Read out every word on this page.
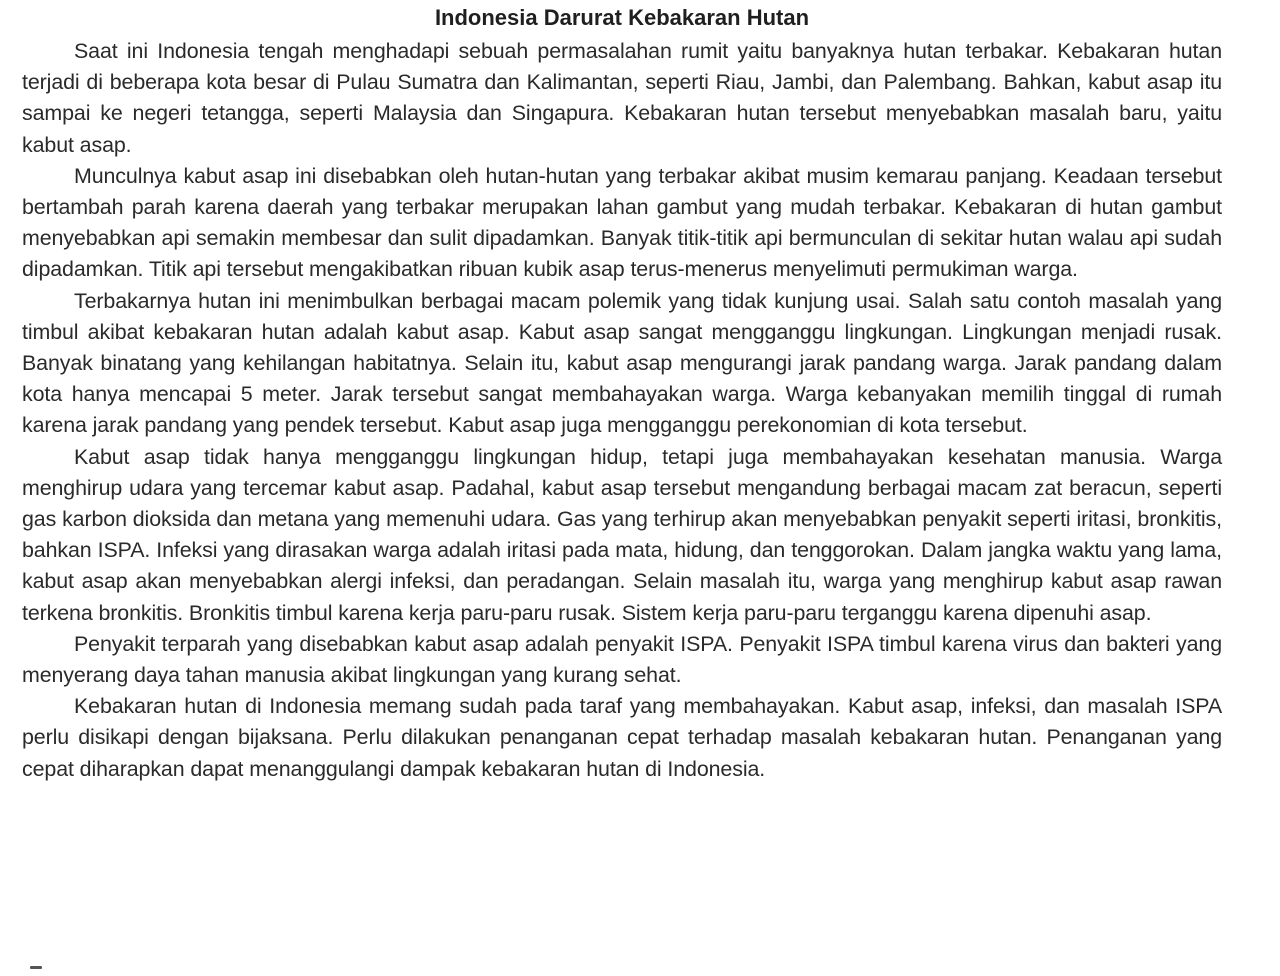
Indonesia Darurat Kebakaran Hutan

Saat ini Indonesia tengah menghadapi sebuah permasalahan rumit yaitu banyaknya hutan terbakar. Kebakaran hutan terjadi di beberapa kota besar di Pulau Sumatra dan Kalimantan, seperti Riau, Jambi, dan Palembang. Bahkan, kabut asap itu sampai ke negeri tetangga, seperti Malaysia dan Singapura. Kebakaran hutan tersebut menyebabkan masalah baru, yaitu kabut asap.

Munculnya kabut asap ini disebabkan oleh hutan-hutan yang terbakar akibat musim kemarau panjang. Keadaan tersebut bertambah parah karena daerah yang terbakar merupakan lahan gambut yang mudah terbakar. Kebakaran di hutan gambut menyebabkan api semakin membesar dan sulit dipadamkan. Banyak titik-titik api bermunculan di sekitar hutan walau api sudah dipadamkan. Titik api tersebut mengakibatkan ribuan kubik asap terus-menerus menyelimuti permukiman warga.

Terbakarnya hutan ini menimbulkan berbagai macam polemik yang tidak kunjung usai. Salah satu contoh masalah yang timbul akibat kebakaran hutan adalah kabut asap. Kabut asap sangat mengganggu lingkungan. Lingkungan menjadi rusak. Banyak binatang yang kehilangan habitatnya. Selain itu, kabut asap mengurangi jarak pandang warga. Jarak pandang dalam kota hanya mencapai 5 meter. Jarak tersebut sangat membahayakan warga. Warga kebanyakan memilih tinggal di rumah karena jarak pandang yang pendek tersebut. Kabut asap juga mengganggu perekonomian di kota tersebut.

Kabut asap tidak hanya mengganggu lingkungan hidup, tetapi juga membahayakan kesehatan manusia. Warga menghirup udara yang tercemar kabut asap. Padahal, kabut asap tersebut mengandung berbagai macam zat beracun, seperti gas karbon dioksida dan metana yang memenuhi udara. Gas yang terhirup akan menyebabkan penyakit seperti iritasi, bronkitis, bahkan ISPA. Infeksi yang dirasakan warga adalah iritasi pada mata, hidung, dan tenggorokan. Dalam jangka waktu yang lama, kabut asap akan menyebabkan alergi infeksi, dan peradangan. Selain masalah itu, warga yang menghirup kabut asap rawan terkena bronkitis. Bronkitis timbul karena kerja paru-paru rusak. Sistem kerja paru-paru terganggu karena dipenuhi asap.

Penyakit terparah yang disebabkan kabut asap adalah penyakit ISPA. Penyakit ISPA timbul karena virus dan bakteri yang menyerang daya tahan manusia akibat lingkungan yang kurang sehat.

Kebakaran hutan di Indonesia memang sudah pada taraf yang membahayakan. Kabut asap, infeksi, dan masalah ISPA perlu disikapi dengan bijaksana. Perlu dilakukan penanganan cepat terhadap masalah kebakaran hutan. Penanganan yang cepat diharapkan dapat menanggulangi dampak kebakaran hutan di Indonesia.
